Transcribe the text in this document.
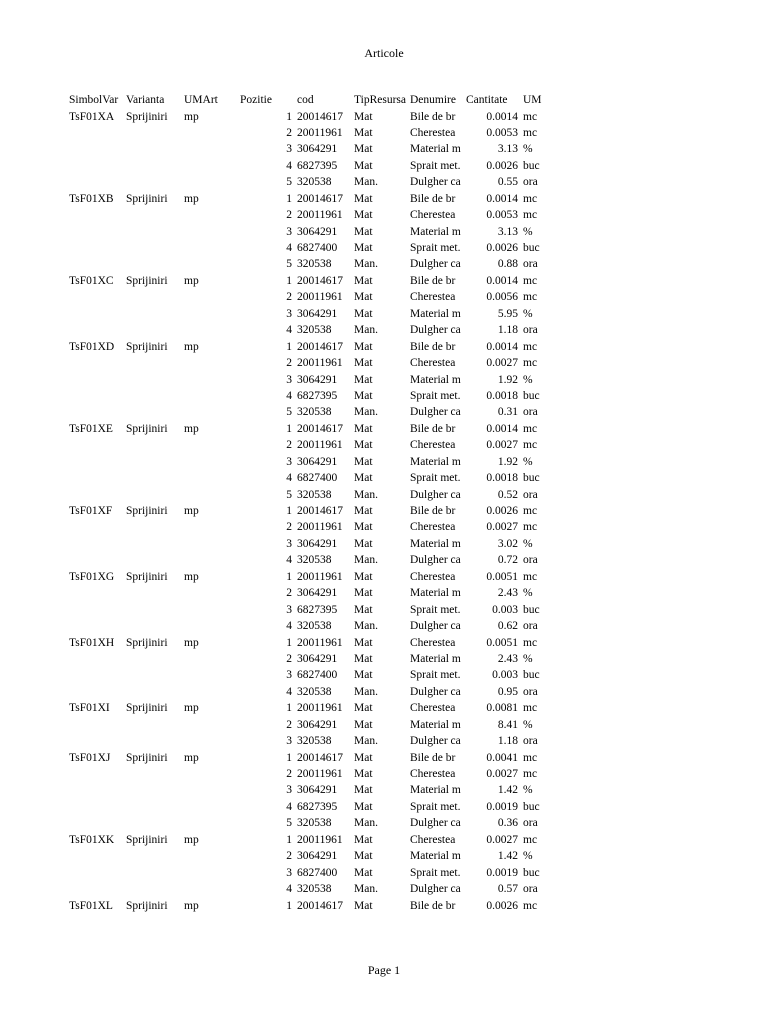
Articole
SimbolVar Varianta UMArt Pozitie cod	TipResursa Denumire Cantitate UM
TsF01XA Sprijiniri mp	1 20014617 Mat	Bile de br	0.0014 mc
2 20011961 Mat	Cherestea	0.0053 mc
3 3064291 Mat	Material m	3.13 %
4 6827395 Mat	Sprait met.	0.0026 buc
5 320538 Man.	Dulgher ca	0.55 ora
TsF01XB Sprijiniri mp	1 20014617 Mat	Bile de br	0.0014 mc
2 20011961 Mat	Cherestea	0.0053 mc
3 3064291 Mat	Material m	3.13 %
4 6827400 Mat	Sprait met.	0.0026 buc
5 320538 Man.	Dulgher ca	0.88 ora
TsF01XC Sprijiniri mp	1 20014617 Mat	Bile de br	0.0014 mc
2 20011961 Mat	Cherestea	0.0056 mc
3 3064291 Mat	Material m	5.95 %
4 320538 Man.	Dulgher ca	1.18 ora
TsF01XD Sprijiniri mp	1 20014617 Mat	Bile de br	0.0014 mc
2 20011961 Mat	Cherestea	0.0027 mc
3 3064291 Mat	Material m	1.92 %
4 6827395 Mat	Sprait met.	0.0018 buc
5 320538 Man.	Dulgher ca	0.31 ora
TsF01XE Sprijiniri mp	1 20014617 Mat	Bile de br	0.0014 mc
2 20011961 Mat	Cherestea	0.0027 mc
3 3064291 Mat	Material m	1.92 %
4 6827400 Mat	Sprait met.	0.0018 buc
5 320538 Man.	Dulgher ca	0.52 ora
TsF01XF Sprijiniri mp	1 20014617 Mat	Bile de br	0.0026 mc
2 20011961 Mat	Cherestea	0.0027 mc
3 3064291 Mat	Material m	3.02 %
4 320538 Man.	Dulgher ca	0.72 ora
TsF01XG Sprijiniri mp	1 20011961 Mat	Cherestea	0.0051 mc
2 3064291 Mat	Material m	2.43 %
3 6827395 Mat	Sprait met.	0.003 buc
4 320538 Man.	Dulgher ca	0.62 ora
TsF01XH Sprijiniri mp	1 20011961 Mat	Cherestea	0.0051 mc
2 3064291 Mat	Material m	2.43 %
3 6827400 Mat	Sprait met.	0.003 buc
4 320538 Man.	Dulgher ca	0.95 ora
TsF01XI Sprijiniri mp	1 20011961 Mat	Cherestea	0.0081 mc
2 3064291 Mat	Material m	8.41 %
3 320538 Man.	Dulgher ca	1.18 ora
TsF01XJ Sprijiniri mp	1 20014617 Mat	Bile de br	0.0041 mc
2 20011961 Mat	Cherestea	0.0027 mc
3 3064291 Mat	Material m	1.42 %
4 6827395 Mat	Sprait met.	0.0019 buc
5 320538 Man.	Dulgher ca	0.36 ora
TsF01XK Sprijiniri mp	1 20011961 Mat	Cherestea	0.0027 mc
2 3064291 Mat	Material m	1.42 %
3 6827400 Mat	Sprait met.	0.0019 buc
4 320538 Man.	Dulgher ca	0.57 ora
TsF01XL Sprijiniri mp	1 20014617 Mat	Bile de br	0.0026 mc
Page 1
